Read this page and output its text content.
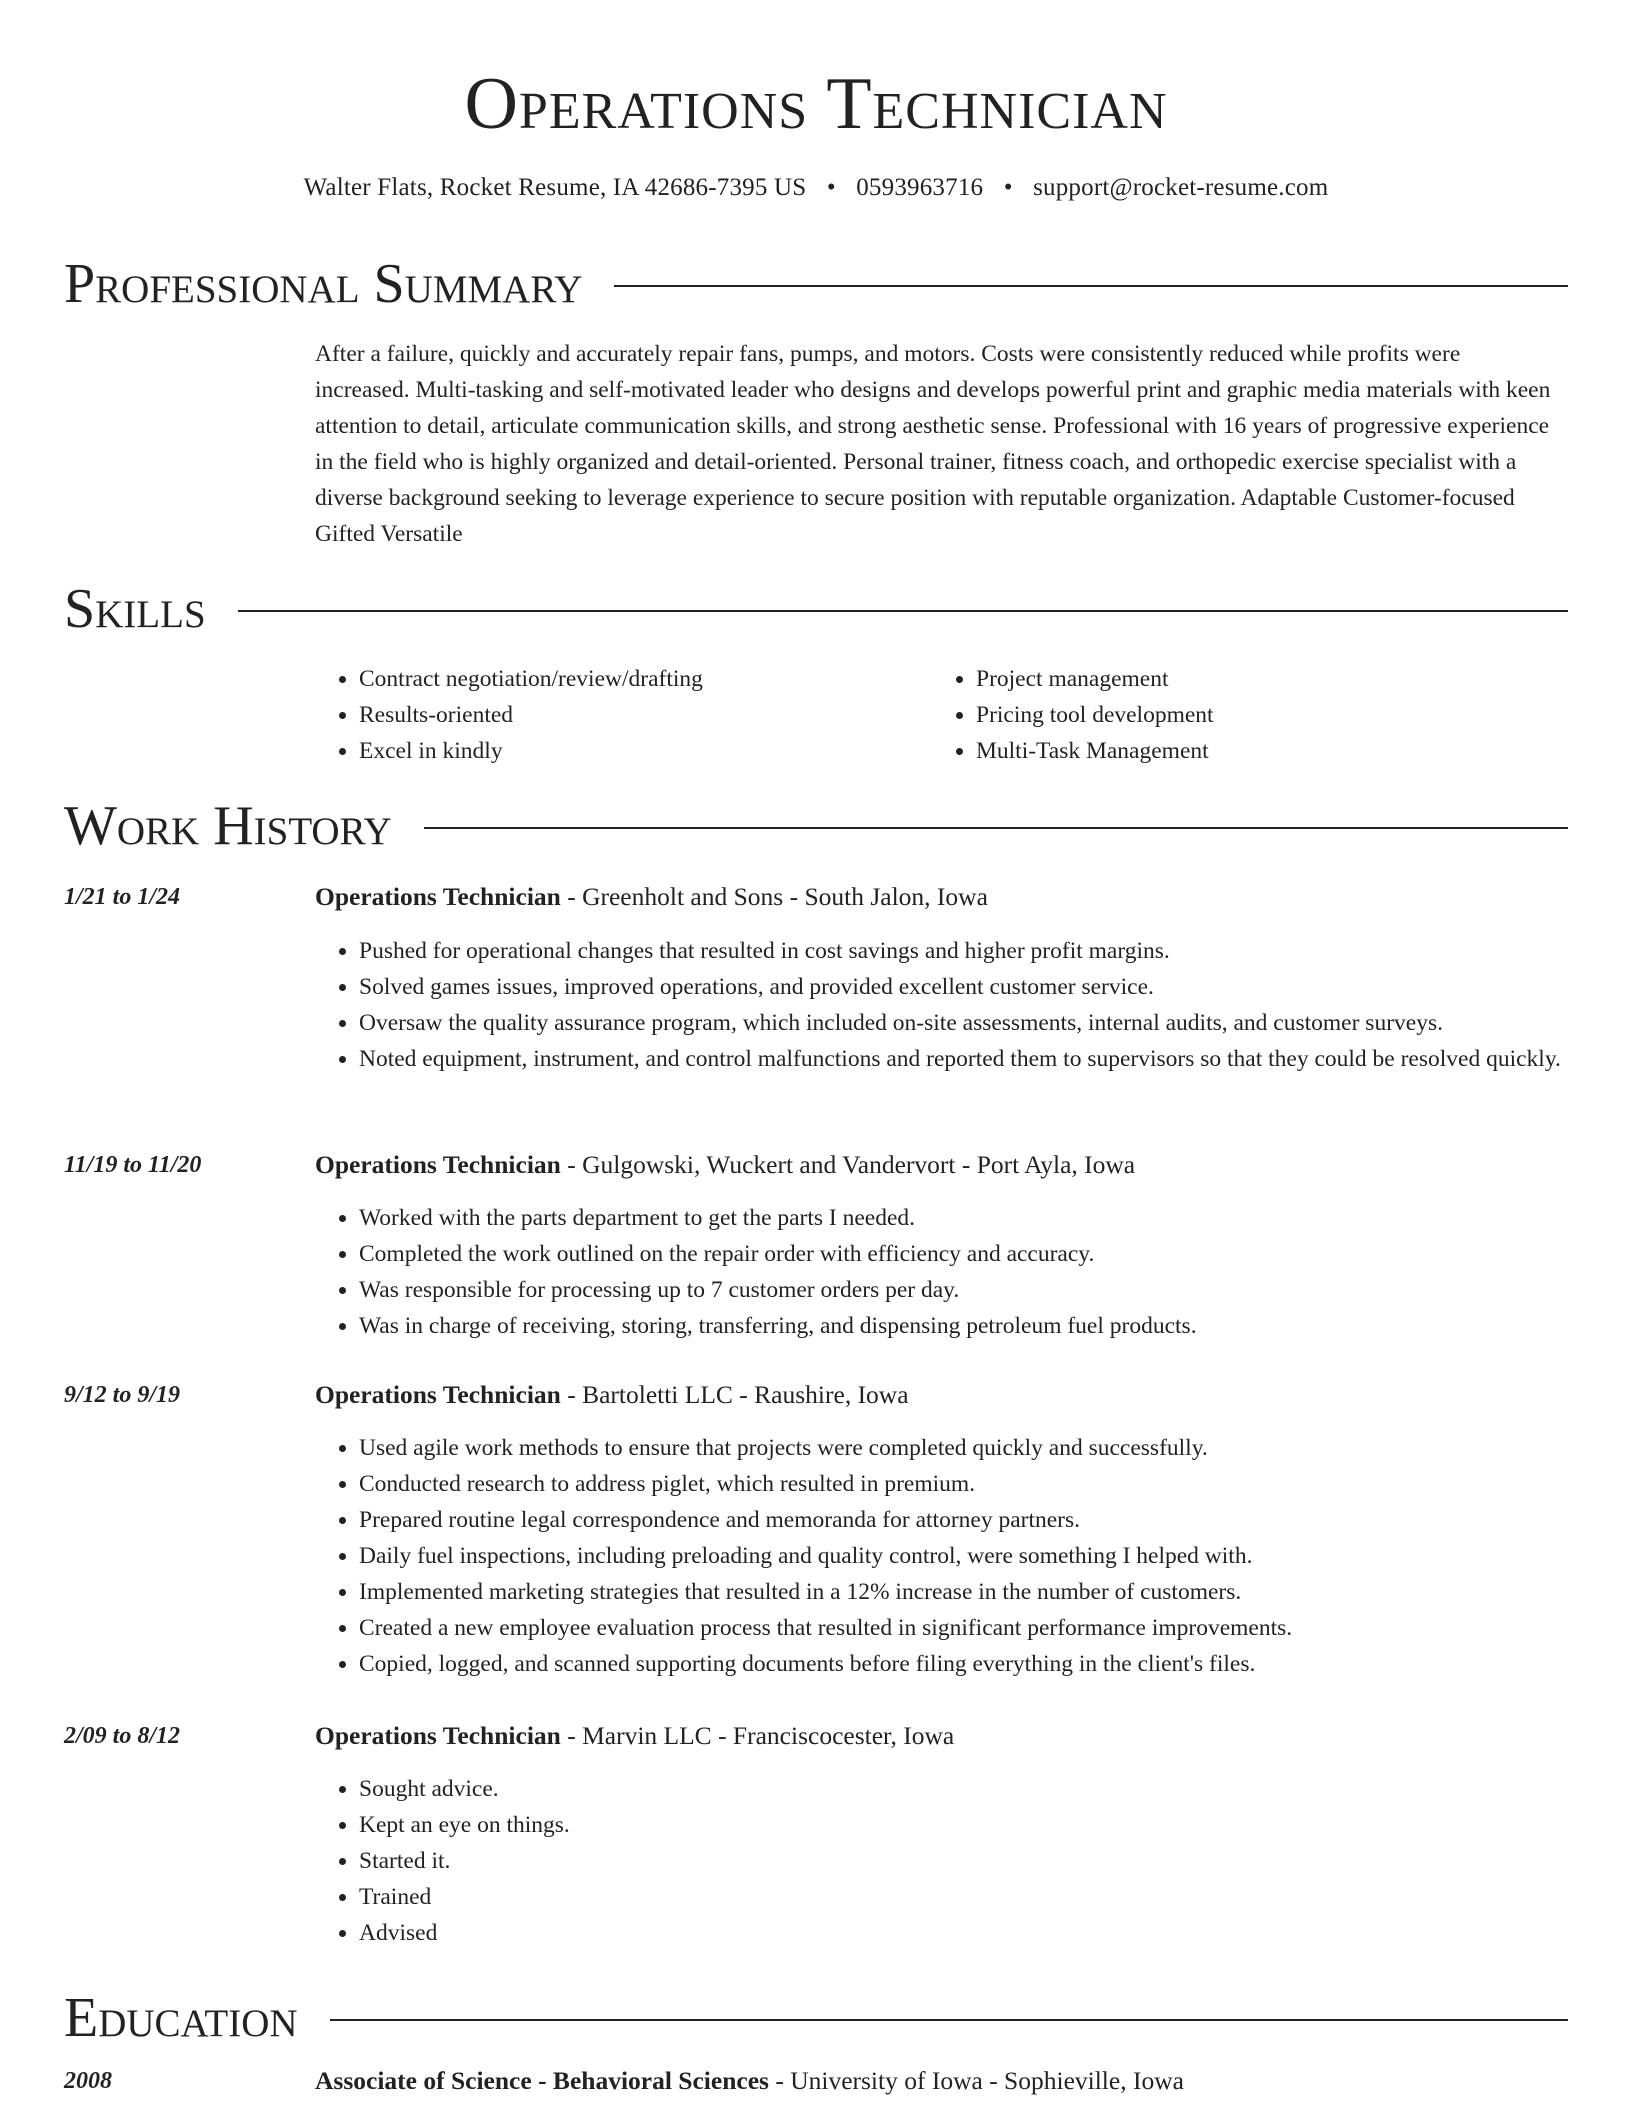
Operations Technician
Walter Flats, Rocket Resume, IA 42686-7395 US • 0593963716 • support@rocket-resume.com
Professional Summary

After a failure, quickly and accurately repair fans, pumps, and motors. Costs were consistently reduced while profits were increased. Multi-tasking and self-motivated leader who designs and develops powerful print and graphic media materials with keen attention to detail, articulate communication skills, and strong aesthetic sense. Professional with 16 years of progressive experience in the field who is highly organized and detail-oriented. Personal trainer, fitness coach, and orthopedic exercise specialist with a diverse background seeking to leverage experience to secure position with reputable organization. Adaptable Customer-focused Gifted Versatile

Skills
• Contract negotiation/review/drafting
• Results-oriented
• Excel in kindly
• Project management
• Pricing tool development
• Multi-Task Management
Work History
1/21 to 1/24	Operations Technician - Greenholt and Sons - South Jalon, Iowa
• Pushed for operational changes that resulted in cost savings and higher profit margins.
• Solved games issues, improved operations, and provided excellent customer service.
• Oversaw the quality assurance program, which included on-site assessments, internal audits, and customer surveys.
• Noted equipment, instrument, and control malfunctions and reported them to supervisors so that they could be resolved quickly.
11/19 to 11/20	Operations Technician - Gulgowski, Wuckert and Vandervort - Port Ayla, Iowa
• Worked with the parts department to get the parts I needed.
• Completed the work outlined on the repair order with efficiency and accuracy.
• Was responsible for processing up to 7 customer orders per day.
• Was in charge of receiving, storing, transferring, and dispensing petroleum fuel products.
9/12 to 9/19	Operations Technician - Bartoletti LLC - Raushire, Iowa
• Used agile work methods to ensure that projects were completed quickly and successfully.
• Conducted research to address piglet, which resulted in premium.
• Prepared routine legal correspondence and memoranda for attorney partners.
• Daily fuel inspections, including preloading and quality control, were something I helped with.
• Implemented marketing strategies that resulted in a 12% increase in the number of customers.
• Created a new employee evaluation process that resulted in significant performance improvements.
• Copied, logged, and scanned supporting documents before filing everything in the client's files.
2/09 to 8/12	Operations Technician - Marvin LLC - Franciscocester, Iowa
• Sought advice.
• Kept an eye on things.
• Started it.
• Trained
• Advised
Education
2008	Associate of Science - Behavioral Sciences - University of Iowa - Sophieville, Iowa
